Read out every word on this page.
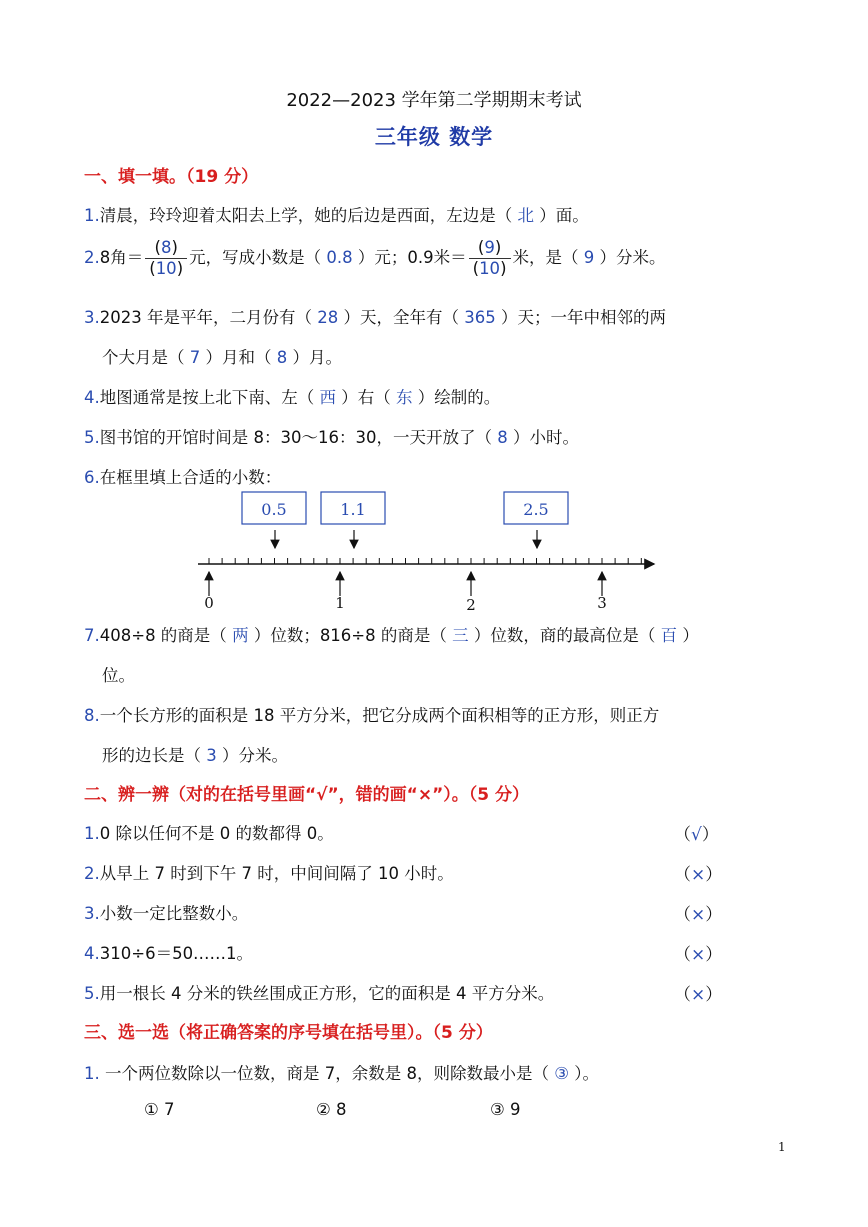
2022—2023 学年第二学期期末考试
三年级 数学
一、填一填。（19 分）
1.清晨，玲玲迎着太阳去上学，她的后边是西面，左边是（ 北 ）面。
2.8角＝ $\frac{(8)}{(10)}$ 元，写成小数是（ 0.8 ）元；0.9米＝ $\frac{(9)}{(10)}$ 米，是（ 9 ）分米。
3.2023 年是平年，二月份有（ 28 ）天，全年有（ 365 ）天；一年中相邻的两
个大月是（ 7 ）月和（ 8 ）月。
4.地图通常是按上北下南、左（ 西 ）右（ 东 ）绘制的。
5.图书馆的开馆时间是 8：30～16：30，一天开放了（ 8 ）小时。
6.在框里填上合适的小数：
0.5	1.1	2.5
0	1	2	3
7.408÷8 的商是（ 两 ）位数；816÷8 的商是（ 三 ）位数，商的最高位是（ 百 ）
位。
8.一个长方形的面积是 18 平方分米，把它分成两个面积相等的正方形，则正方
形的边长是（ 3 ）分米。
二、辨一辨（对的在括号里画“√”，错的画“×”）。（5 分）
1.0 除以任何不是 0 的数都得 0。	（√）
2.从早上 7 时到下午 7 时，中间间隔了 10 小时。	（×）
3.小数一定比整数小。	（×）
4.310÷6＝50……1。	（×）
5.用一根长 4 分米的铁丝围成正方形，它的面积是 4 平方分米。	（×）
三、选一选（将正确答案的序号填在括号里）。（5 分）
1. 一个两位数除以一位数，商是 7，余数是 8，则除数最小是（ ③ ）。
① 7	② 8	③ 9
1
